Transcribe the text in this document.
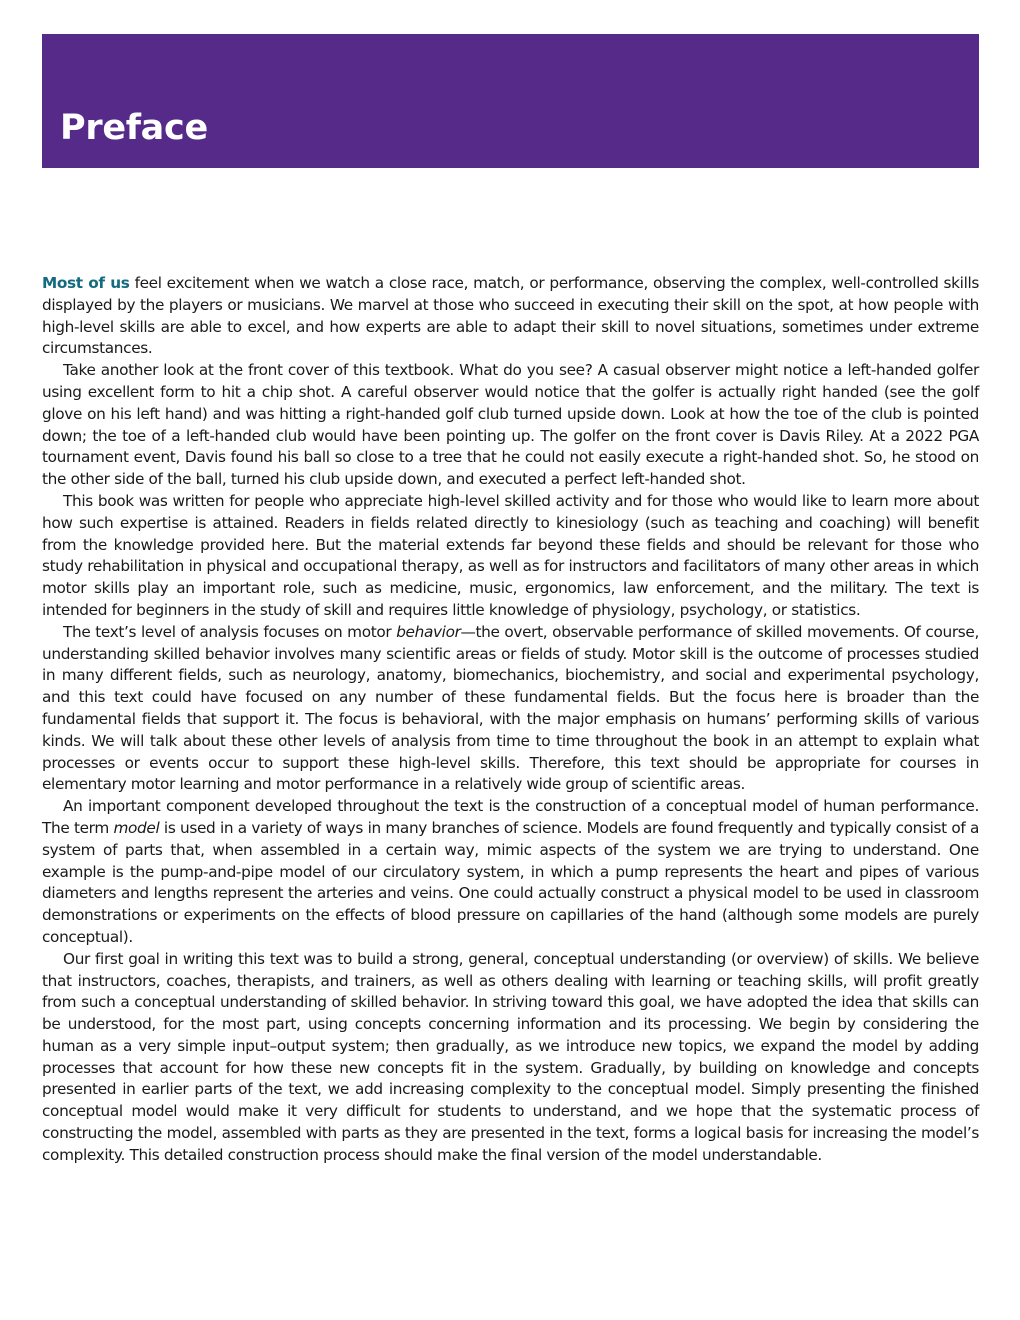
Preface

Most of us feel excitement when we watch a close race, match, or performance, observing the complex, well-controlled skills displayed by the players or musicians. We marvel at those who succeed in executing their skill on the spot, at how people with high-level skills are able to excel, and how experts are able to adapt their skill to novel situations, sometimes under extreme circumstances.

Take another look at the front cover of this textbook. What do you see? A casual observer might notice a left-handed golfer using excellent form to hit a chip shot. A careful observer would notice that the golfer is actually right handed (see the golf glove on his left hand) and was hitting a right-handed golf club turned upside down. Look at how the toe of the club is pointed down; the toe of a left-handed club would have been pointing up. The golfer on the front cover is Davis Riley. At a 2022 PGA tournament event, Davis found his ball so close to a tree that he could not easily execute a right-handed shot. So, he stood on the other side of the ball, turned his club upside down, and executed a perfect left-handed shot.

This book was written for people who appreciate high-level skilled activity and for those who would like to learn more about how such expertise is attained. Readers in fields related directly to kinesiology (such as teaching and coaching) will benefit from the knowledge provided here. But the material extends far beyond these fields and should be relevant for those who study rehabilitation in physical and occupational therapy, as well as for instructors and facilitators of many other areas in which motor skills play an important role, such as medicine, music, ergonomics, law enforcement, and the military. The text is intended for beginners in the study of skill and requires little knowledge of physiology, psychology, or statistics.

The text’s level of analysis focuses on motor behavior—the overt, observable performance of skilled movements. Of course, understanding skilled behavior involves many scientific areas or fields of study. Motor skill is the outcome of processes studied in many different fields, such as neurology, anatomy, biomechanics, biochemistry, and social and experimental psychology, and this text could have focused on any number of these fundamental fields. But the focus here is broader than the fundamental fields that support it. The focus is behavioral, with the major emphasis on humans’ performing skills of various kinds. We will talk about these other levels of analysis from time to time throughout the book in an attempt to explain what processes or events occur to support these high-level skills. Therefore, this text should be appropriate for courses in elementary motor learning and motor performance in a relatively wide group of scientific areas.

An important component developed throughout the text is the construction of a conceptual model of human performance. The term model is used in a variety of ways in many branches of science. Models are found frequently and typically consist of a system of parts that, when assembled in a certain way, mimic aspects of the system we are trying to understand. One example is the pump-and-pipe model of our circulatory system, in which a pump represents the heart and pipes of various diameters and lengths represent the arteries and veins. One could actually construct a physical model to be used in classroom demonstrations or experiments on the effects of blood pressure on capillaries of the hand (although some models are purely conceptual).

Our first goal in writing this text was to build a strong, general, conceptual understanding (or overview) of skills. We believe that instructors, coaches, therapists, and trainers, as well as others dealing with learning or teaching skills, will profit greatly from such a conceptual understanding of skilled behavior. In striving toward this goal, we have adopted the idea that skills can be understood, for the most part, using concepts concerning information and its processing. We begin by considering the human as a very simple input–output system; then gradually, as we introduce new topics, we expand the model by adding processes that account for how these new concepts fit in the system. Gradually, by building on knowledge and concepts presented in earlier parts of the text, we add increasing complexity to the conceptual model. Simply presenting the finished conceptual model would make it very difficult for students to understand, and we hope that the systematic process of constructing the model, assembled with parts as they are presented in the text, forms a logical basis for increasing the model’s complexity. This detailed construction process should make the final version of the model understandable.
